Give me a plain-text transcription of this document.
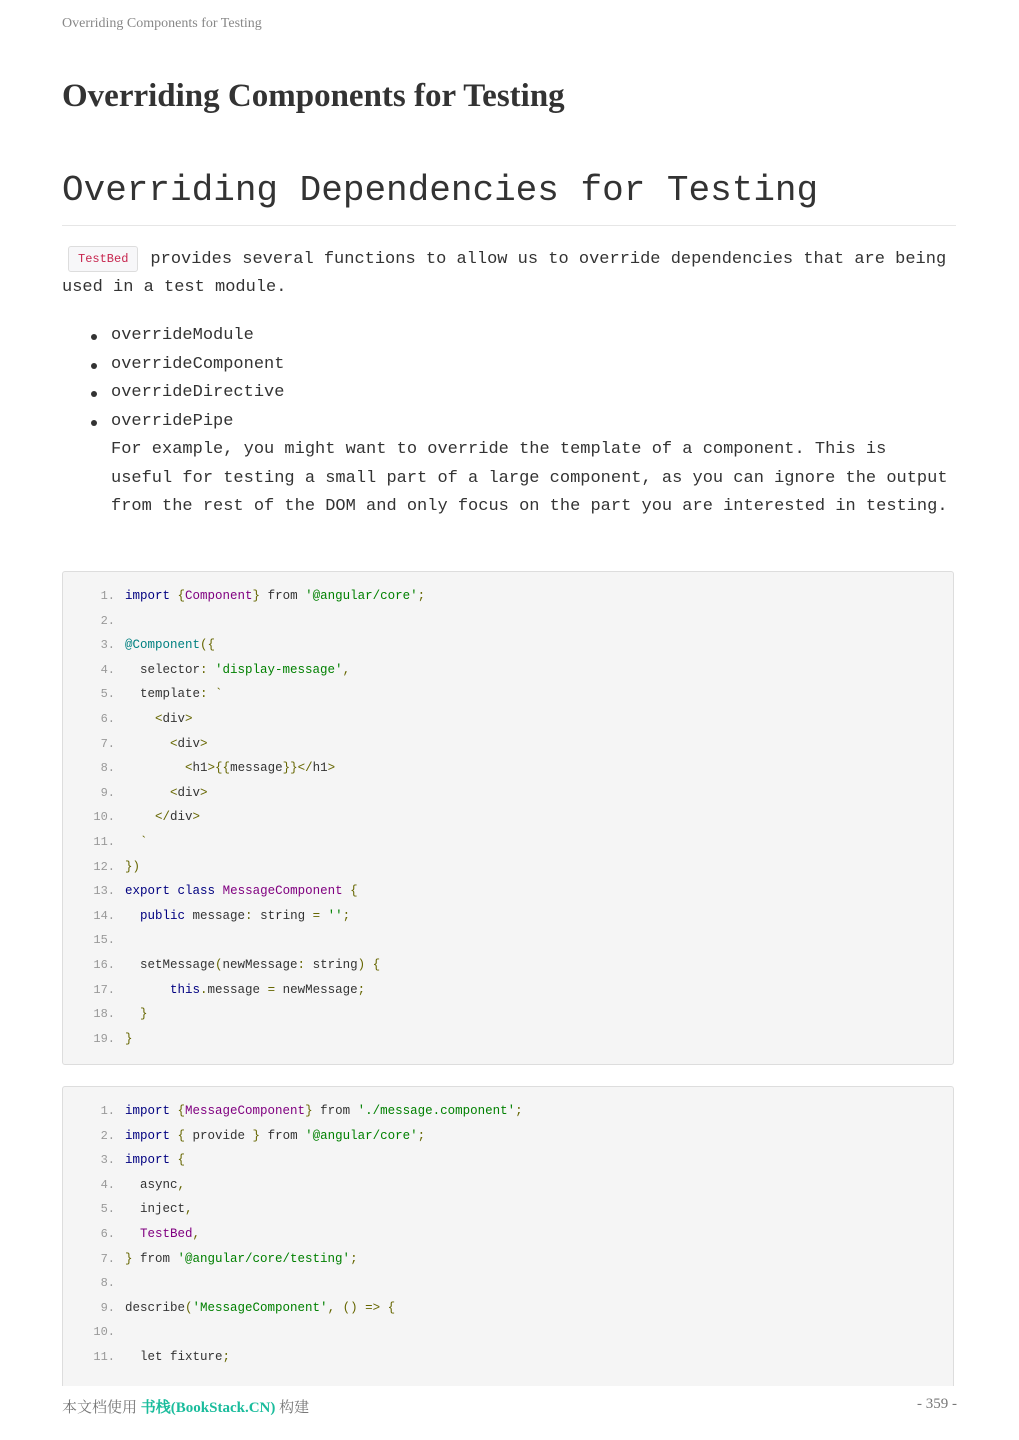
Overriding Components for Testing
Overriding Components for Testing
Overriding Dependencies for Testing

TestBed provides several functions to allow us to override dependencies that are being used in a test module.

overrideModule
overrideComponent
overrideDirective
overridePipe
For example, you might want to override the template of a component. This is useful for testing a small part of a large component, as you can ignore the output from the rest of the DOM and only focus on the part you are interested in testing.
1. import {Component} from '@angular/core';
2.
3. @Component({
4.  selector: 'display-message',
5.  template: `
6.	<div>
7.	<div>
8.	<h1>{{message}}</h1>
9.	<div>
10.	</div>
11. `
12. })
13. export class MessageComponent {
14. public message: string = '';
15.
16.  setMessage(newMessage: string) {
17.	this.message = newMessage;
18. }
19. }
1. import {MessageComponent} from './message.component';
2. import { provide } from '@angular/core';
3. import {
4.  async,
5.  inject,
6. TestBed,
7. } from '@angular/core/testing';
8.
9. describe('MessageComponent', () => {
10.
11.  let fixture;
本文档使用 书栈(BookStack.CN) 构建	- 359 -
